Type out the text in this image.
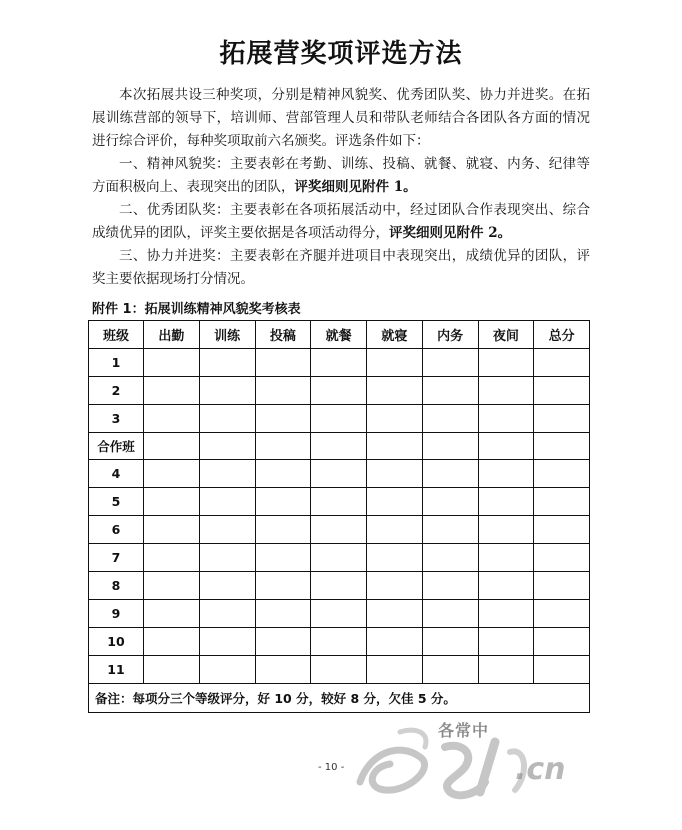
拓展营奖项评选方法

本次拓展共设三种奖项，分别是精神风貌奖、优秀团队奖、协力并进奖。在拓展训练营部的领导下，培训师、营部管理人员和带队老师结合各团队各方面的情况进行综合评价，每种奖项取前六名颁奖。评选条件如下：

一、精神风貌奖：主要表彰在考勤、训练、投稿、就餐、就寝、内务、纪律等方面积极向上、表现突出的团队，评奖细则见附件 1。

二、优秀团队奖：主要表彰在各项拓展活动中，经过团队合作表现突出、综合成绩优异的团队，评奖主要依据是各项活动得分，评奖细则见附件 2。

三、协力并进奖：主要表彰在齐腿并进项目中表现突出，成绩优异的团队，评奖主要依据现场打分情况。

附件 1：拓展训练精神风貌奖考核表
班级	出勤	训练	投稿	就餐	就寝	内务	夜间	总分
1								
2								
3								
合作班								
4								
5								
6								
7								
8								
9								
10								
11								
备注：每项分三个等级评分，好 10 分，较好 8 分，欠佳 5 分。								
- 10 -
各常中
.cn
